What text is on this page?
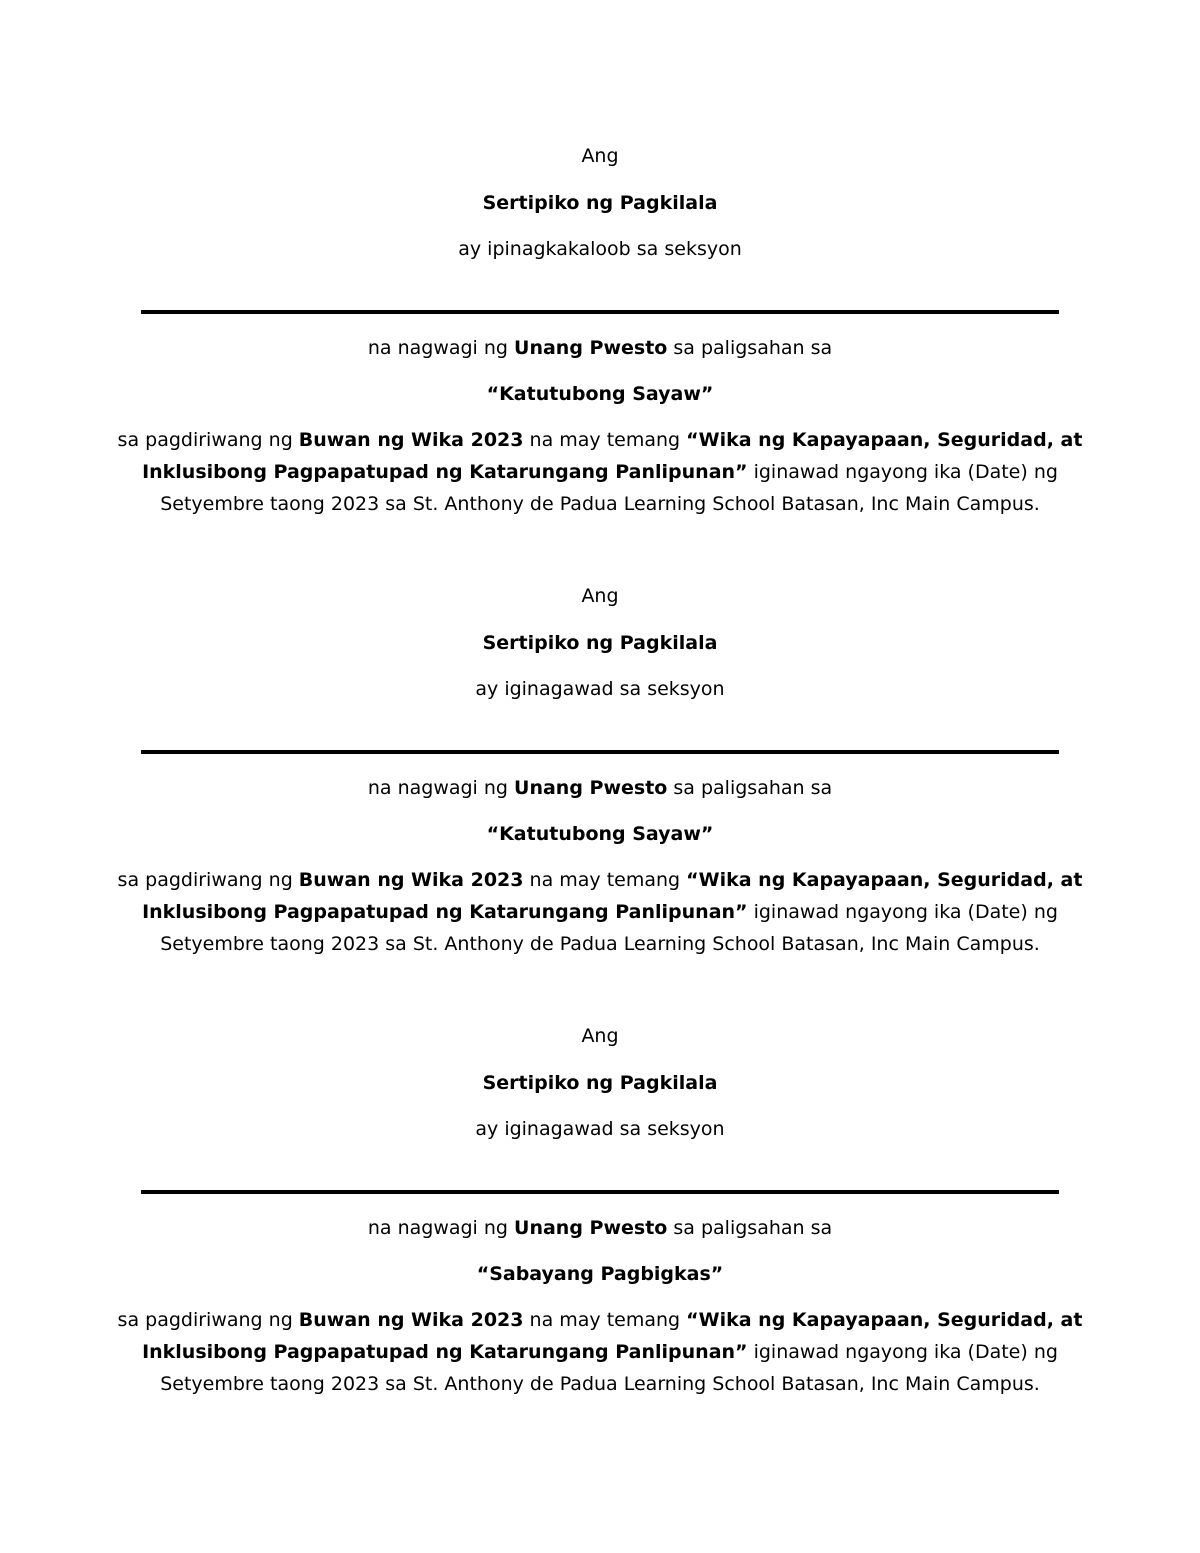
Ang
Sertipiko ng Pagkilala
ay ipinagkakaloob sa seksyon
na nagwagi ng Unang Pwesto sa paligsahan sa
“Katutubong Sayaw”
sa pagdiriwang ng Buwan ng Wika 2023 na may temang “Wika ng Kapayapaan, Seguridad, at
Inklusibong Pagpapatupad ng Katarungang Panlipunan” iginawad ngayong ika (Date) ng
Setyembre taong 2023 sa St. Anthony de Padua Learning School Batasan, Inc Main Campus.
Ang
Sertipiko ng Pagkilala
ay iginagawad sa seksyon
na nagwagi ng Unang Pwesto sa paligsahan sa
“Katutubong Sayaw”
sa pagdiriwang ng Buwan ng Wika 2023 na may temang “Wika ng Kapayapaan, Seguridad, at
Inklusibong Pagpapatupad ng Katarungang Panlipunan” iginawad ngayong ika (Date) ng
Setyembre taong 2023 sa St. Anthony de Padua Learning School Batasan, Inc Main Campus.
Ang
Sertipiko ng Pagkilala
ay iginagawad sa seksyon
na nagwagi ng Unang Pwesto sa paligsahan sa
“Sabayang Pagbigkas”
sa pagdiriwang ng Buwan ng Wika 2023 na may temang “Wika ng Kapayapaan, Seguridad, at
Inklusibong Pagpapatupad ng Katarungang Panlipunan” iginawad ngayong ika (Date) ng
Setyembre taong 2023 sa St. Anthony de Padua Learning School Batasan, Inc Main Campus.
